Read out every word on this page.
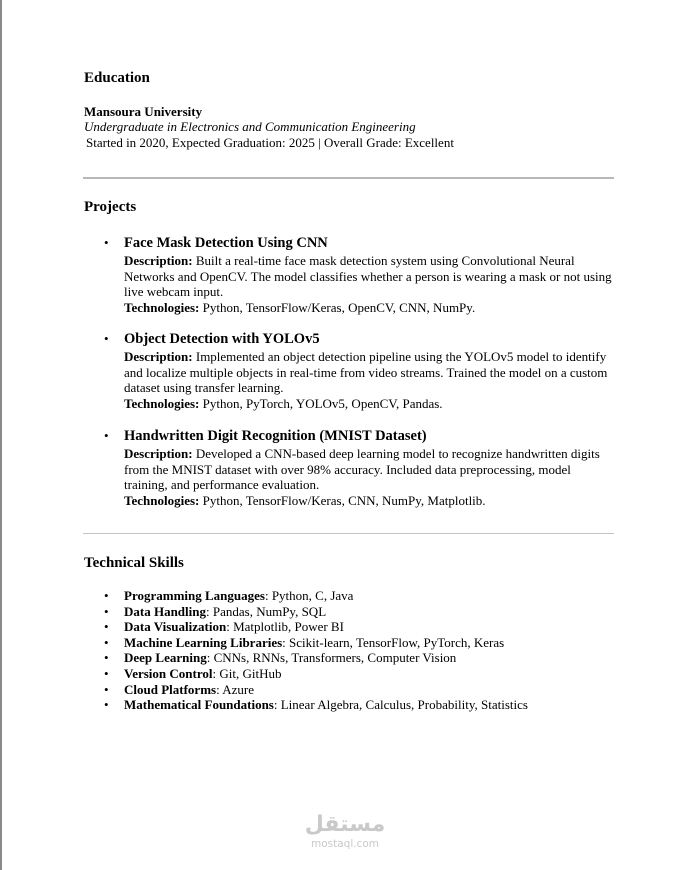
Education
Mansoura University
Undergraduate in Electronics and Communication Engineering
Started in 2020, Expected Graduation: 2025 | Overall Grade: Excellent
Projects
• Face Mask Detection Using CNN
Description: Built a real-time face mask detection system using Convolutional Neural Networks and OpenCV. The model classifies whether a person is wearing a mask or not using live webcam input.
Technologies: Python, TensorFlow/Keras, OpenCV, CNN, NumPy.
• Object Detection with YOLOv5
Description: Implemented an object detection pipeline using the YOLOv5 model to identify and localize multiple objects in real-time from video streams. Trained the model on a custom dataset using transfer learning.
Technologies: Python, PyTorch, YOLOv5, OpenCV, Pandas.
• Handwritten Digit Recognition (MNIST Dataset)
Description: Developed a CNN-based deep learning model to recognize handwritten digits from the MNIST dataset with over 98% accuracy. Included data preprocessing, model training, and performance evaluation.
Technologies: Python, TensorFlow/Keras, CNN, NumPy, Matplotlib.
Technical Skills
• Programming Languages: Python, C, Java
• Data Handling: Pandas, NumPy, SQL
• Data Visualization: Matplotlib, Power BI
• Machine Learning Libraries: Scikit-learn, TensorFlow, PyTorch, Keras
• Deep Learning: CNNs, RNNs, Transformers, Computer Vision
• Version Control: Git, GitHub
• Cloud Platforms: Azure
• Mathematical Foundations: Linear Algebra, Calculus, Probability, Statistics
مستقل
mostaql.com
